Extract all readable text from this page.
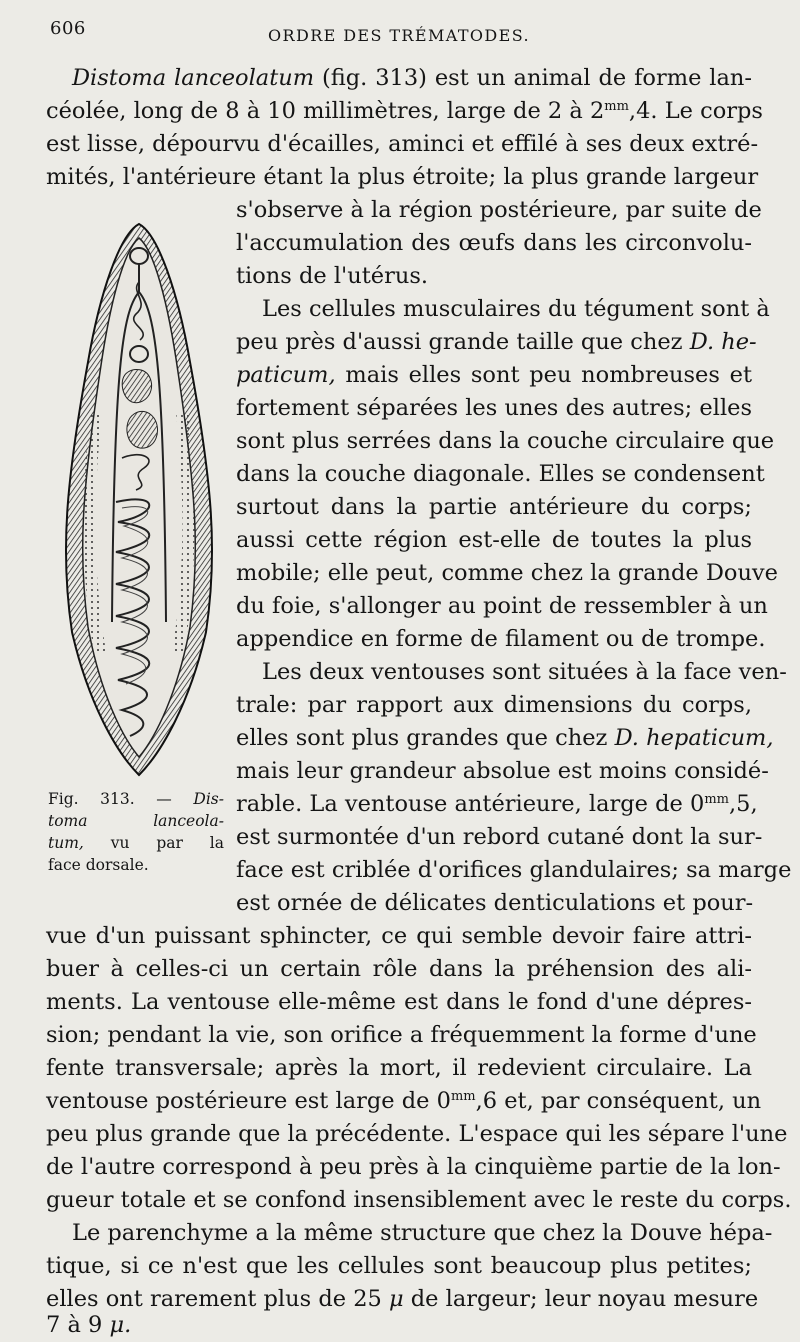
606	ORDRE DES TRÉMATODES.
Distoma lanceolatum (fig. 313) est un animal de forme lan-
céolée, long de 8 à 10 millimètres, large de 2 à $2^{mm},4$. Le corps
est lisse, dépourvu d'écailles, aminci et effilé à ses deux extré-
mités, l'antérieure étant la plus étroite; la plus grande largeur
s'observe à la région postérieure, par suite de
l'accumulation des œufs dans les circonvolu-
tions de l'utérus.
Les cellules musculaires du tégument sont à
peu près d'aussi grande taille que chez D. he-
paticum, mais elles sont peu nombreuses et
fortement séparées les unes des autres; elles
sont plus serrées dans la couche circulaire que
dans la couche diagonale. Elles se condensent
surtout dans la partie antérieure du corps;
aussi cette région est-elle de toutes la plus
mobile; elle peut, comme chez la grande Douve
du foie, s'allonger au point de ressembler à un
appendice en forme de filament ou de trompe.
Les deux ventouses sont situées à la face ven-
trale: par rapport aux dimensions du corps,
elles sont plus grandes que chez D. hepaticum,
mais leur grandeur absolue est moins considé-
rable. La ventouse antérieure, large de $0^{mm},5$,
est surmontée d'un rebord cutané dont la sur-
face est criblée d'orifices glandulaires; sa marge
est ornée de délicates denticulations et pour-
vue d'un puissant sphincter, ce qui semble devoir faire attri-
buer à celles-ci un certain rôle dans la préhension des ali-
ments. La ventouse elle-même est dans le fond d'une dépres-
sion; pendant la vie, son orifice a fréquemment la forme d'une
fente transversale; après la mort, il redevient circulaire. La
ventouse postérieure est large de $0^{mm},6$ et, par conséquent, un
peu plus grande que la précédente. L'espace qui les sépare l'une
de l'autre correspond à peu près à la cinquième partie de la lon-
gueur totale et se confond insensiblement avec le reste du corps.
Le parenchyme a la même structure que chez la Douve hépa-
tique, si ce n'est que les cellules sont beaucoup plus petites;
elles ont rarement plus de 25 μ de largeur; leur noyau mesure
7 à 9 μ.
Fig. 313. — Dis-
toma	lanceola-
tum, vu par la
face dorsale.
